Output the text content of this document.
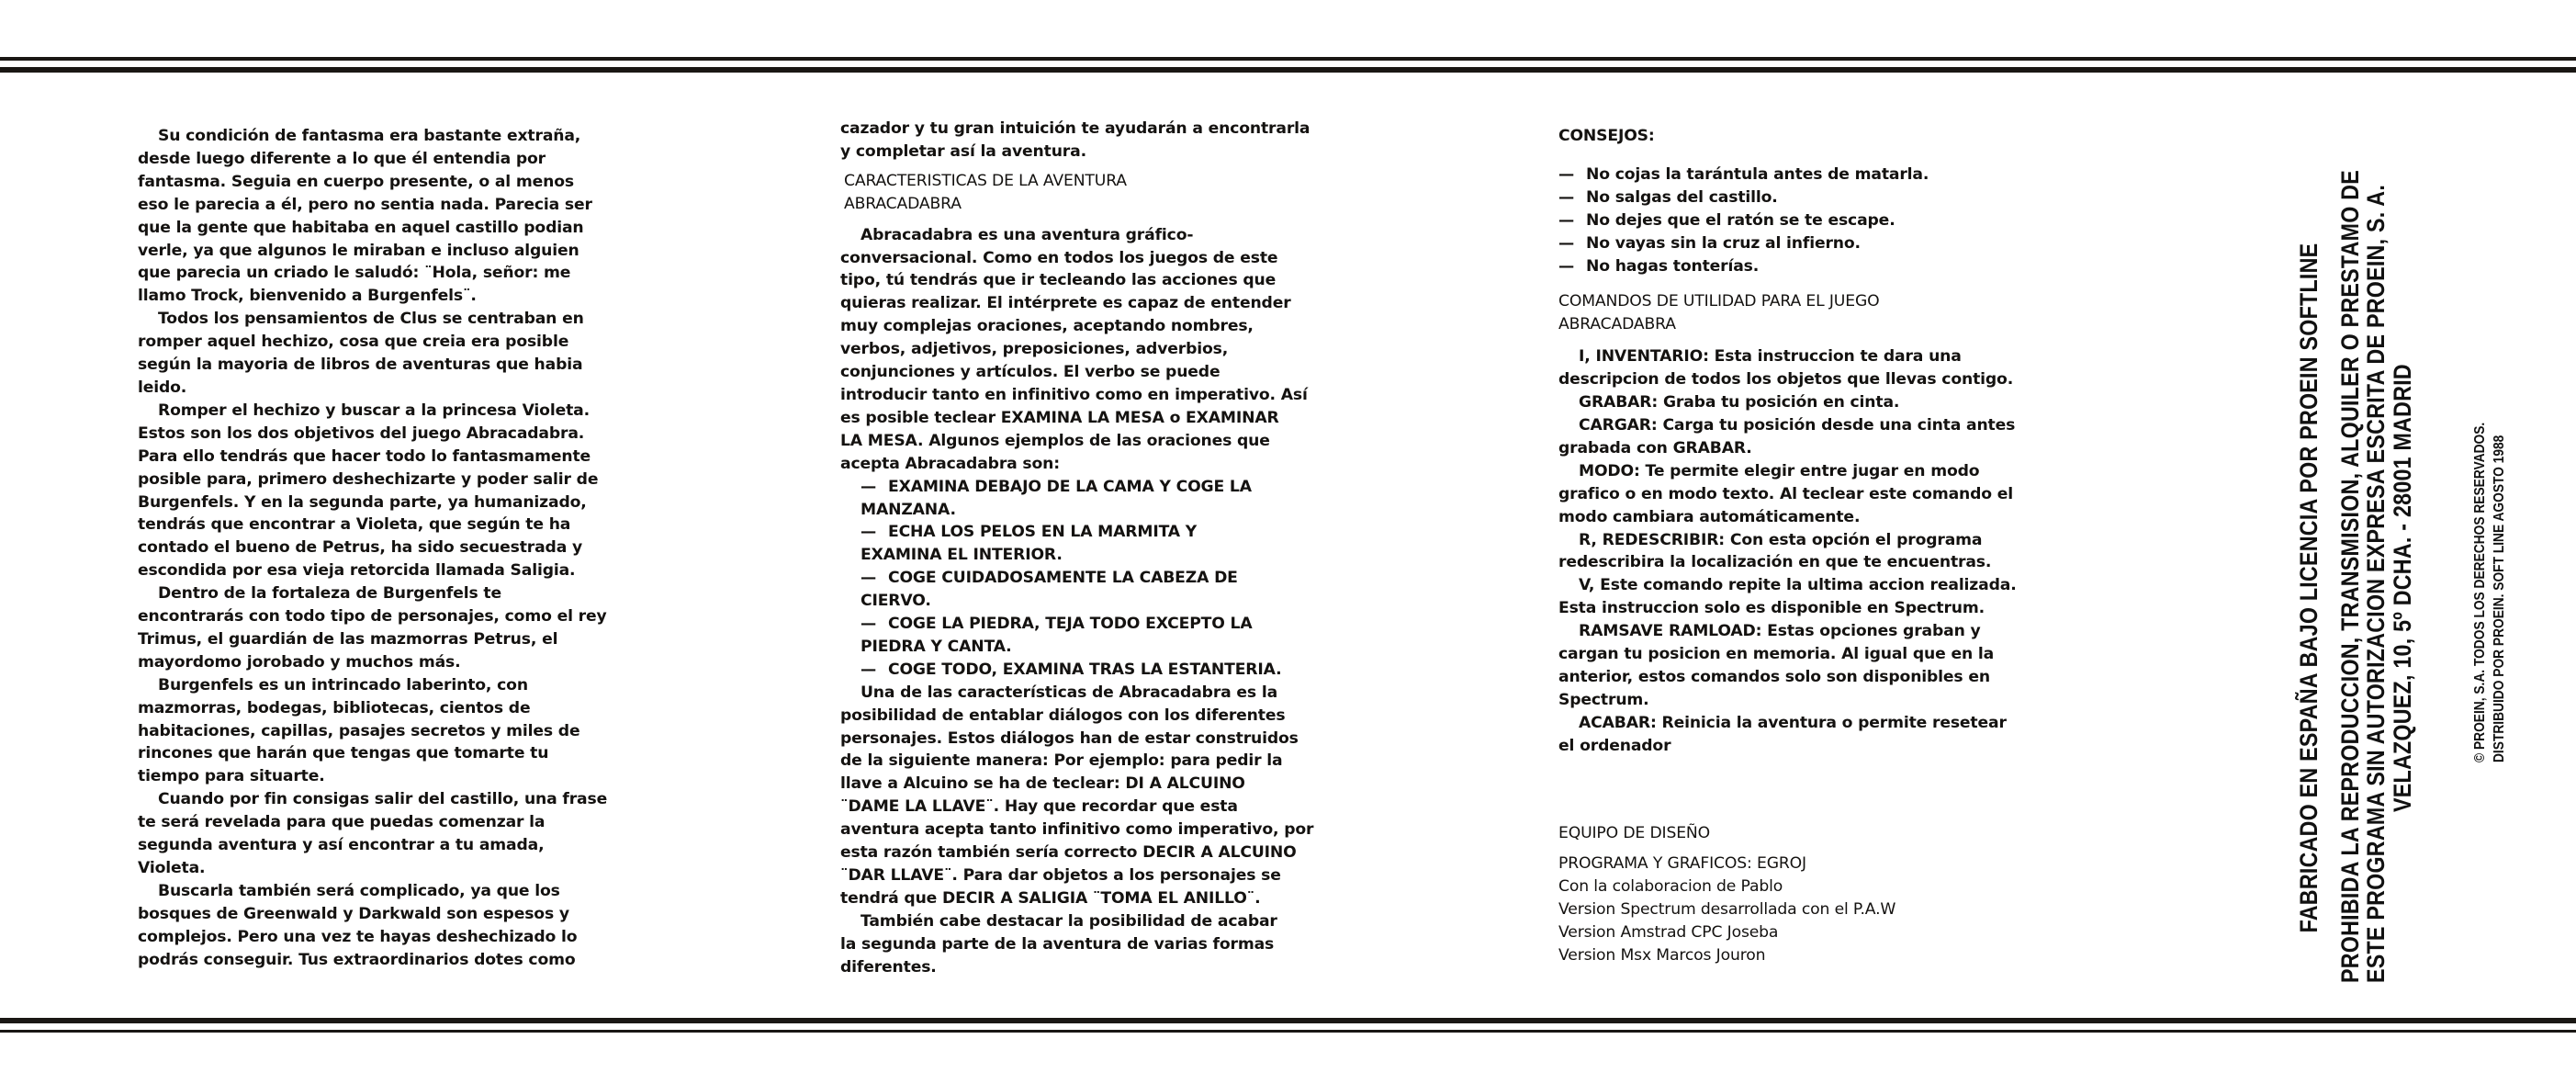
Su condición de fantasma era bastante extraña,
desde luego diferente a lo que él entendia por
fantasma. Seguia en cuerpo presente, o al menos
eso le parecia a él, pero no sentia nada. Parecia ser
que la gente que habitaba en aquel castillo podian
verle, ya que algunos le miraban e incluso alguien
que parecia un criado le saludó: ¨Hola, señor: me
llamo Trock, bienvenido a Burgenfels¨.
Todos los pensamientos de Clus se centraban en
romper aquel hechizo, cosa que creia era posible
según la mayoria de libros de aventuras que habia
leido.
Romper el hechizo y buscar a la princesa Violeta.
Estos son los dos objetivos del juego Abracadabra.
Para ello tendrás que hacer todo lo fantasmamente
posible para, primero deshechizarte y poder salir de
Burgenfels. Y en la segunda parte, ya humanizado,
tendrás que encontrar a Violeta, que según te ha
contado el bueno de Petrus, ha sido secuestrada y
escondida por esa vieja retorcida llamada Saligia.
Dentro de la fortaleza de Burgenfels te
encontrarás con todo tipo de personajes, como el rey
Trimus, el guardián de las mazmorras Petrus, el
mayordomo jorobado y muchos más.
Burgenfels es un intrincado laberinto, con
mazmorras, bodegas, bibliotecas, cientos de
habitaciones, capillas, pasajes secretos y miles de
rincones que harán que tengas que tomarte tu
tiempo para situarte.
Cuando por fin consigas salir del castillo, una frase
te será revelada para que puedas comenzar la
segunda aventura y así encontrar a tu amada,
Violeta.
Buscarla también será complicado, ya que los
bosques de Greenwald y Darkwald son espesos y
complejos. Pero una vez te hayas deshechizado lo
podrás conseguir. Tus extraordinarios dotes como
cazador y tu gran intuición te ayudarán a encontrarla
y completar así la aventura.
CARACTERISTICAS DE LA AVENTURA
ABRACADABRA
Abracadabra es una aventura gráfico-
conversacional. Como en todos los juegos de este
tipo, tú tendrás que ir tecleando las acciones que
quieras realizar. El intérprete es capaz de entender
muy complejas oraciones, aceptando nombres,
verbos, adjetivos, preposiciones, adverbios,
conjunciones y artículos. El verbo se puede
introducir tanto en infinitivo como en imperativo. Así
es posible teclear EXAMINA LA MESA o EXAMINAR
LA MESA. Algunos ejemplos de las oraciones que
acepta Abracadabra son:
— EXAMINA DEBAJO DE LA CAMA Y COGE LA
MANZANA.
— ECHA LOS PELOS EN LA MARMITA Y
EXAMINA EL INTERIOR.
— COGE CUIDADOSAMENTE LA CABEZA DE
CIERVO.
— COGE LA PIEDRA, TEJA TODO EXCEPTO LA
PIEDRA Y CANTA.
— COGE TODO, EXAMINA TRAS LA ESTANTERIA.
Una de las características de Abracadabra es la
posibilidad de entablar diálogos con los diferentes
personajes. Estos diálogos han de estar construidos
de la siguiente manera: Por ejemplo: para pedir la
llave a Alcuino se ha de teclear: DI A ALCUINO
¨DAME LA LLAVE¨. Hay que recordar que esta
aventura acepta tanto infinitivo como imperativo, por
esta razón también sería correcto DECIR A ALCUINO
¨DAR LLAVE¨. Para dar objetos a los personajes se
tendrá que DECIR A SALIGIA ¨TOMA EL ANILLO¨.
También cabe destacar la posibilidad de acabar
la segunda parte de la aventura de varias formas
diferentes.
CONSEJOS:
— No cojas la tarántula antes de matarla.
— No salgas del castillo.
— No dejes que el ratón se te escape.
— No vayas sin la cruz al infierno.
— No hagas tonterías.
COMANDOS DE UTILIDAD PARA EL JUEGO
ABRACADABRA
I, INVENTARIO: Esta instruccion te dara una
descripcion de todos los objetos que llevas contigo.
GRABAR: Graba tu posición en cinta.
CARGAR: Carga tu posición desde una cinta antes
grabada con GRABAR.
MODO: Te permite elegir entre jugar en modo
grafico o en modo texto. Al teclear este comando el
modo cambiara automáticamente.
R, REDESCRIBIR: Con esta opción el programa
redescribira la localización en que te encuentras.
V, Este comando repite la ultima accion realizada.
Esta instruccion solo es disponible en Spectrum.
RAMSAVE RAMLOAD: Estas opciones graban y
cargan tu posicion en memoria. Al igual que en la
anterior, estos comandos solo son disponibles en
Spectrum.
ACABAR: Reinicia la aventura o permite resetear
el ordenador
EQUIPO DE DISEÑO
PROGRAMA Y GRAFICOS: EGROJ
Con la colaboracion de Pablo
Version Spectrum desarrollada con el P.A.W
Version Amstrad CPC Joseba
Version Msx Marcos Jouron
FABRICADO EN ESPAÑA BAJO LICENCIA POR PROEIN SOFTLINE PROHIBIDA LA REPRODUCCION, TRANSMISION, ALQUILER O PRESTAMO DE
ESTE PROGRAMA SIN AUTORIZACION EXPRESA ESCRITA DE PROEIN, S. A.
VELAZQUEZ, 10, 5º DCHA. - 28001 MADRID	© PROEIN, S.A. TODOS LOS DERECHOS RESERVADOS. DISTRIBUIDO POR PROEIN. SOFT LINE AGOSTO 1988
